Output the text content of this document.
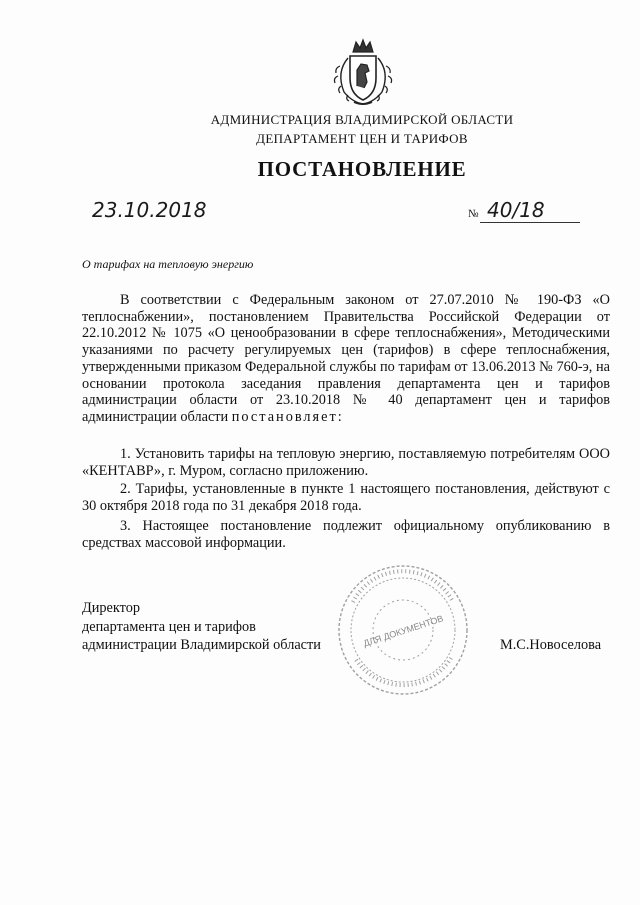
АДМИНИСТРАЦИЯ ВЛАДИМИРСКОЙ ОБЛАСТИ
ДЕПАРТАМЕНТ ЦЕН И ТАРИФОВ
ПОСТАНОВЛЕНИЕ
23.10.2018	№ 40/18
О тарифах на тепловую энергию
В соответствии с Федеральным законом от 27.07.2010 № 190-ФЗ «О теплоснабжении», постановлением Правительства Российской Федерации от 22.10.2012 № 1075 «О ценообразовании в сфере теплоснабжения», Методическими указаниями по расчету регулируемых цен (тарифов) в сфере теплоснабжения, утвержденными приказом Федеральной службы по тарифам от 13.06.2013 № 760-э, на основании протокола заседания правления департамента цен и тарифов администрации области от 23.10.2018 № 40 департамент цен и тарифов администрации области постановляет:
1. Установить тарифы на тепловую энергию, поставляемую потребителям ООО «КЕНТАВР», г. Муром, согласно приложению.
2. Тарифы, установленные в пункте 1 настоящего постановления, действуют с 30 октября 2018 года по 31 декабря 2018 года.
3. Настоящее постановление подлежит официальному опубликованию в средствах массовой информации.
Директор
департамента цен и тарифов
администрации Владимирской области	ДЛЯ ДОКУМЕНТОВ	М.С.Новоселова
